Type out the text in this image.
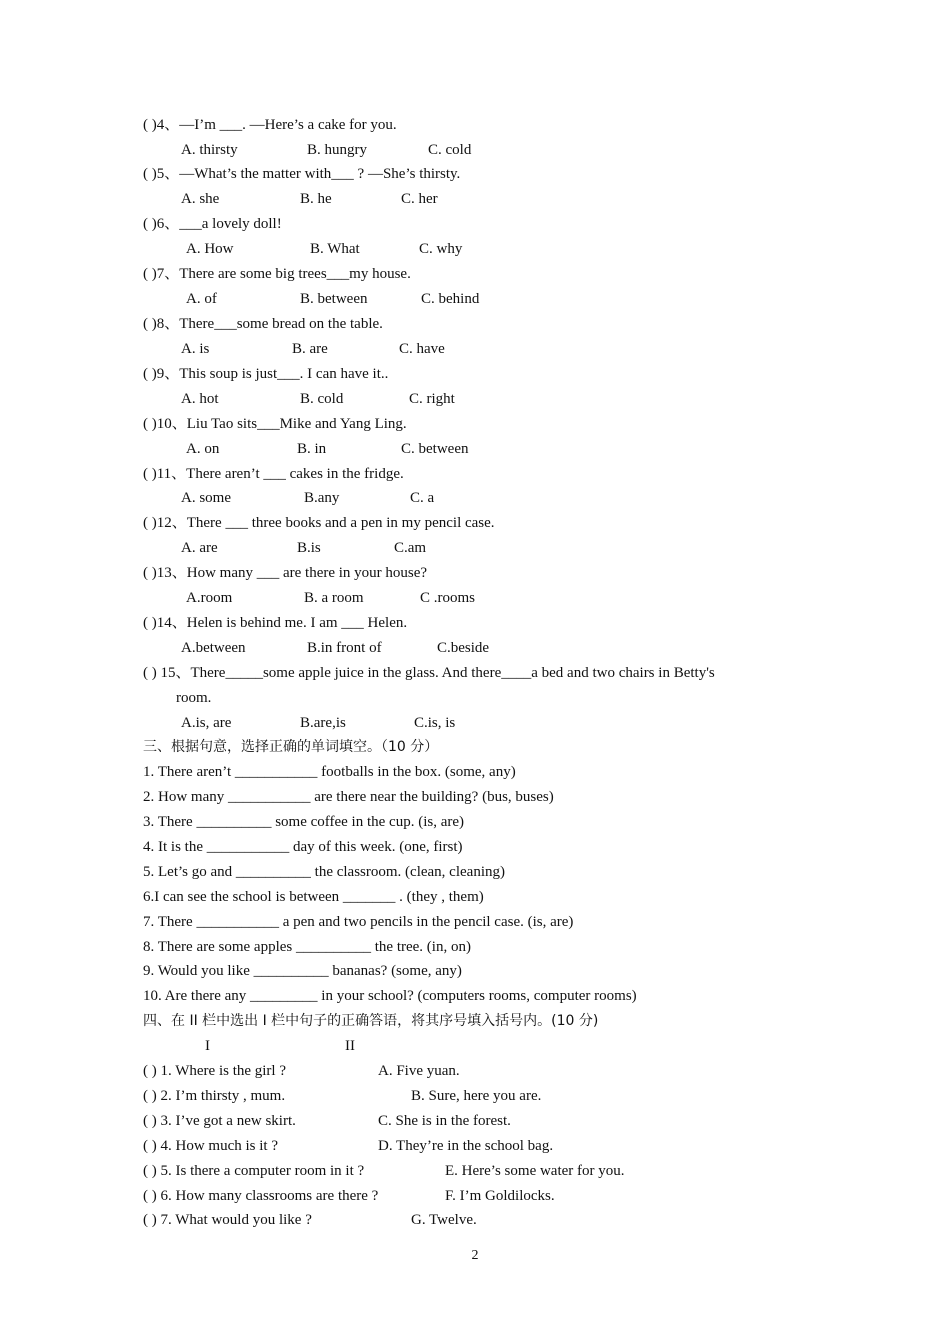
( )4、—I’m ___. —Here’s a cake for you.
A. thirsty	B. hungry	C. cold
( )5、—What’s the matter with___ ? —She’s thirsty.
A. she	B. he	C. her
( )6、___a lovely doll!
A. How	B. What	C. why
( )7、There are some big trees___my house.
A. of	B. between	C. behind
( )8、There___some bread on the table.
A. is	B. are	C. have
( )9、This soup is just___. I can have it..
A. hot	B. cold	C. right
( )10、Liu Tao sits___Mike and Yang Ling.
A. on	B. in	C. between
( )11、There aren’t ___ cakes in the fridge.
A. some	B.any	C. a
( )12、There ___ three books and a pen in my pencil case.
A. are	B.is	C.am
( )13、How many ___ are there in your house?
A.room	B. a room	C .rooms
( )14、Helen is behind me. I am ___ Helen.
A.between	B.in front of	C.beside
( ) 15、There_____some apple juice in the glass. And there____a bed and two chairs in Betty's
room.
A.is, are	B.are,is	C.is, is
三、根据句意，选择正确的单词填空。（10 分）
1. There aren’t ___________ footballs in the box. (some, any)
2. How many ___________ are there near the building? (bus, buses)
3. There __________ some coffee in the cup. (is, are)
4. It is the ___________ day of this week. (one, first)
5. Let’s go and __________ the classroom. (clean, cleaning)
6.I can see the school is between _______ . (they , them)
7. There ___________ a pen and two pencils in the pencil case. (is, are)
8. There are some apples __________ the tree. (in, on)
9. Would you like __________ bananas? (some, any)
10. Are there any _________ in your school? (computers rooms, computer rooms)
四、在 II 栏中选出 I 栏中句子的正确答语，将其序号填入括号内。(10 分)
I	II
( ) 1. Where is the girl ?	A. Five yuan.
( ) 2. I’m thirsty , mum.	B. Sure, here you are.
( ) 3. I’ve got a new skirt.	C. She is in the forest.
( ) 4. How much is it ?	D. They’re in the school bag.
( ) 5. Is there a computer room in it ?	E. Here’s some water for you.
( ) 6. How many classrooms are there ?	F. I’m Goldilocks.
( ) 7. What would you like ?	G. Twelve.
2
